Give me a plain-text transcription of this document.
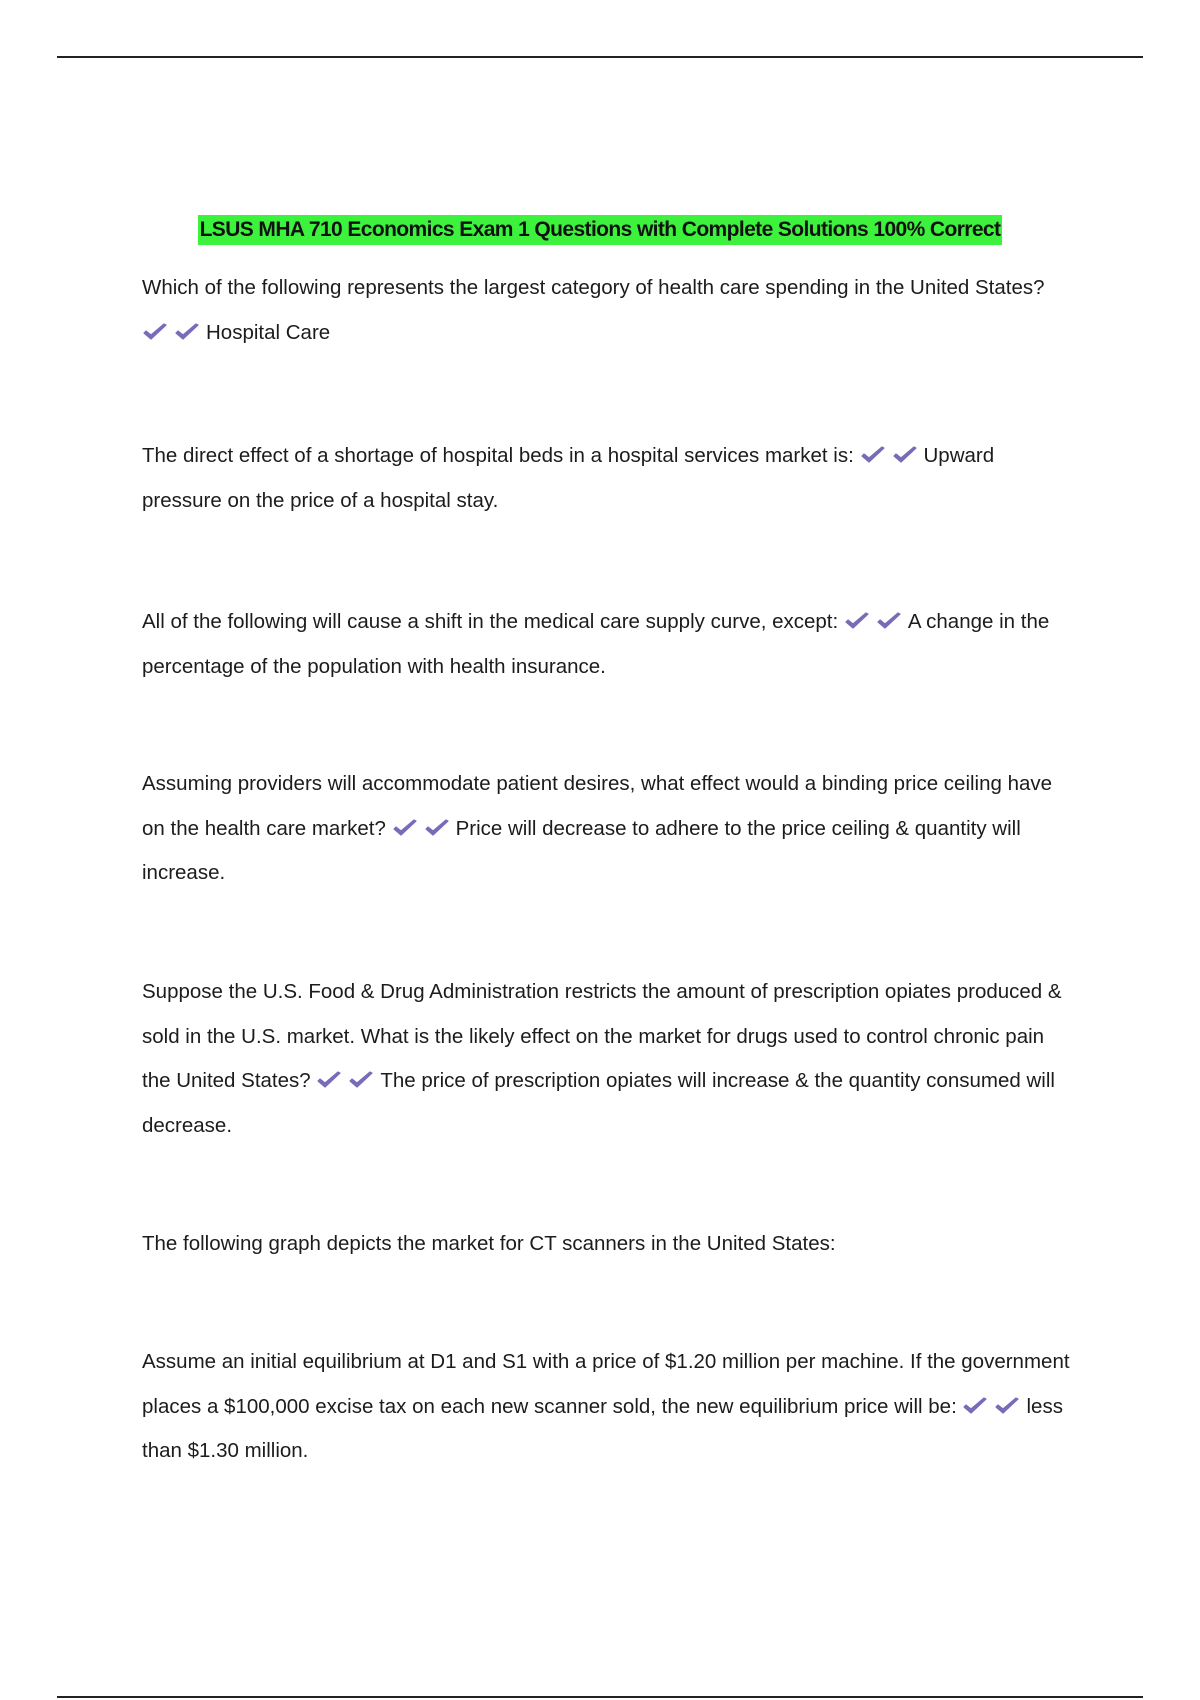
LSUS MHA 710 Economics Exam 1 Questions with Complete Solutions 100% Correct

Which of the following represents the largest category of health care spending in the United States?
Hospital Care

The direct effect of a shortage of hospital beds in a hospital services market is:	Upward pressure on the price of a hospital stay.

All of the following will cause a shift in the medical care supply curve, except:	A change in the percentage of the population with health insurance.

Assuming providers will accommodate patient desires, what effect would a binding price ceiling have on the health care market?	Price will decrease to adhere to the price ceiling & quantity will increase.

Suppose the U.S. Food & Drug Administration restricts the amount of prescription opiates produced & sold in the U.S. market. What is the likely effect on the market for drugs used to control chronic pain the United States?	The price of prescription opiates will increase & the quantity consumed will decrease.

The following graph depicts the market for CT scanners in the United States:

Assume an initial equilibrium at D1 and S1 with a price of $1.20 million per machine. If the government places a $100,000 excise tax on each new scanner sold, the new equilibrium price will be:	less than $1.30 million.
